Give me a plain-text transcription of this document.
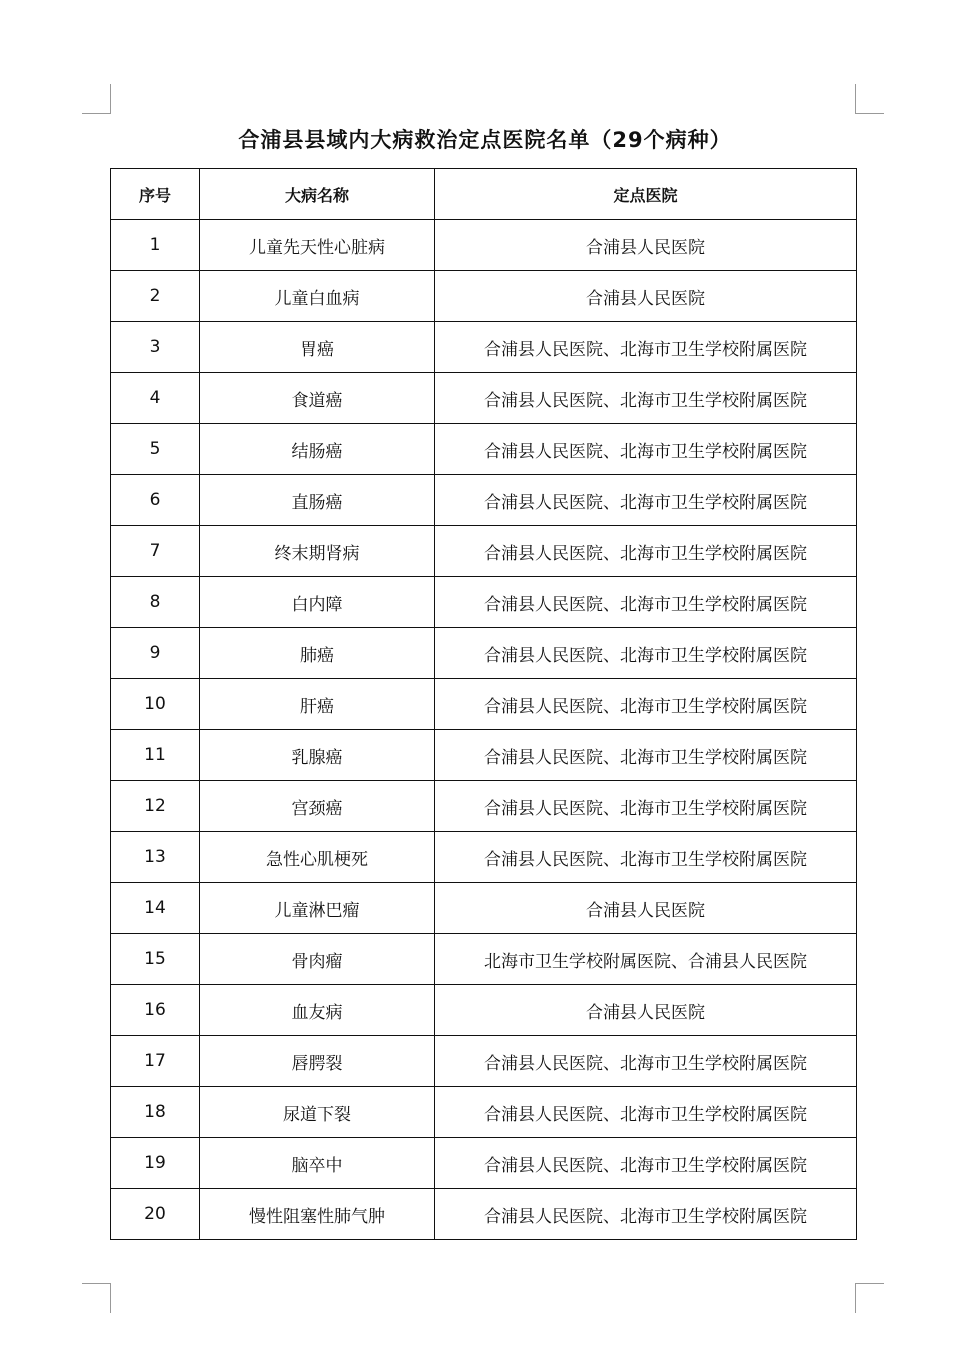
合浦县县域内大病救治定点医院名单（29个病种）
序号	大病名称	定点医院
1	儿童先天性心脏病	合浦县人民医院
2	儿童白血病	合浦县人民医院
3	胃癌	合浦县人民医院、北海市卫生学校附属医院
4	食道癌	合浦县人民医院、北海市卫生学校附属医院
5	结肠癌	合浦县人民医院、北海市卫生学校附属医院
6	直肠癌	合浦县人民医院、北海市卫生学校附属医院
7	终末期肾病	合浦县人民医院、北海市卫生学校附属医院
8	白内障	合浦县人民医院、北海市卫生学校附属医院
9	肺癌	合浦县人民医院、北海市卫生学校附属医院
10	肝癌	合浦县人民医院、北海市卫生学校附属医院
11	乳腺癌	合浦县人民医院、北海市卫生学校附属医院
12	宫颈癌	合浦县人民医院、北海市卫生学校附属医院
13	急性心肌梗死	合浦县人民医院、北海市卫生学校附属医院
14	儿童淋巴瘤	合浦县人民医院
15	骨肉瘤	北海市卫生学校附属医院、合浦县人民医院
16	血友病	合浦县人民医院
17	唇腭裂	合浦县人民医院、北海市卫生学校附属医院
18	尿道下裂	合浦县人民医院、北海市卫生学校附属医院
19	脑卒中	合浦县人民医院、北海市卫生学校附属医院
20	慢性阻塞性肺气肿	合浦县人民医院、北海市卫生学校附属医院
